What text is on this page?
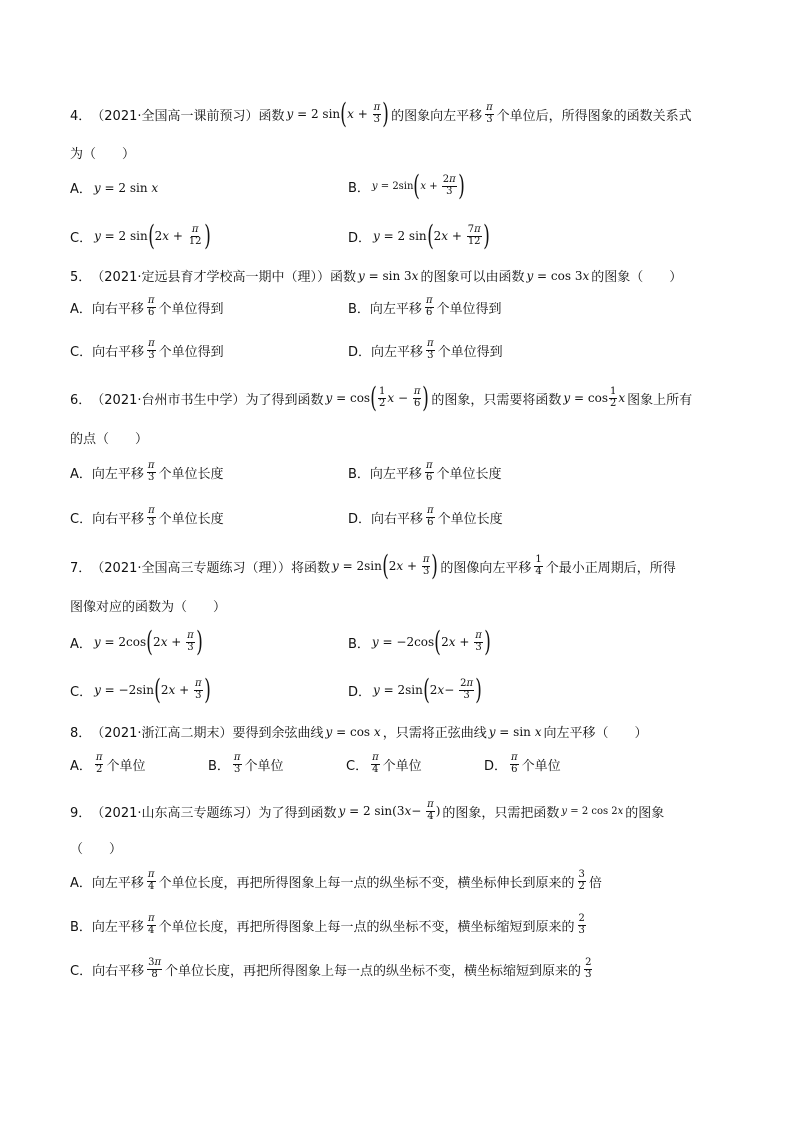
4． （2021·全国高一课前预习） 函数 y = 2 sin ( $x + \frac{\pi}{3}$ ) 的图象向左平移 $\frac{\pi}{3}$ 个单位后，所得图象的函数关系式
为（　　）
A． y = 2 sin x	B． y = 2sin ( $x + \frac{2\pi}{3}$ )
C． y = 2 sin ( 2 $x + \frac{\pi}{12}$ )	D． y = 2 sin ( 2 $x + \frac{7\pi}{12}$ )
5． （2021·定远县育才学校高一期中（理）） 函数 y = sin 3 x 的图象可以由函数 y = cos 3 x 的图象（　　）
A． 向右平移 $\frac{\pi}{6}$ 个单位得到	B． 向左平移 $\frac{\pi}{6}$ 个单位得到
C． 向右平移 $\frac{\pi}{3}$ 个单位得到	D． 向左平移 $\frac{\pi}{3}$ 个单位得到
6． （2021·台州市书生中学） 为了得到函数 y = cos ( $\frac{1}{2}$ $x - \frac{\pi}{6}$ ) 的图象，只需要将函数 $y = \cos \frac{1}{2}$ x 图象上所有
的点（　　）
A． 向左平移 $\frac{\pi}{3}$ 个单位长度	B． 向左平移 $\frac{\pi}{6}$ 个单位长度
C． 向右平移 $\frac{\pi}{3}$ 个单位长度	D． 向右平移 $\frac{\pi}{6}$ 个单位长度
7． （2021·全国高三专题练习（理）） 将函数 y = 2sin ( 2 $x + \frac{\pi}{3}$ ) 的图像向左平移 $\frac{1}{4}$ 个最小正周期后，所得
图像对应的函数为（　　）
A． y = 2cos ( 2 $x + \frac{\pi}{3}$ )	B． y = −2cos ( 2 $x + \frac{\pi}{3}$ )
C． y = −2sin ( 2 $x + \frac{\pi}{3}$ )	D． y = 2sin ( 2 $x - \frac{2\pi}{3}$ )
8． （2021·浙江高二期末） 要得到余弦曲线 y = cos x ，只需将正弦曲线 y = sin x 向左平移（　　）
A． $\frac{\pi}{2}$ 个单位	B． $\frac{\pi}{3}$ 个单位	C． $\frac{\pi}{4}$ 个单位	D． $\frac{\pi}{6}$ 个单位
9． （2021·山东高三专题练习） 为了得到函数 y = 2 sin(3 $x - \frac{\pi}{4}$ ) 的图象，只需把函数 y = 2 cos 2 x 的图象
（　　）
A． 向左平移 $\frac{\pi}{4}$ 个单位长度，再把所得图象上每一点的纵坐标不变，横坐标伸长到原来的 $\frac{3}{2}$ 倍
B． 向左平移 $\frac{\pi}{4}$ 个单位长度，再把所得图象上每一点的纵坐标不变，横坐标缩短到原来的 $\frac{2}{3}$
C． 向右平移 $\frac{3\pi}{8}$ 个单位长度，再把所得图象上每一点的纵坐标不变，横坐标缩短到原来的 $\frac{2}{3}$
